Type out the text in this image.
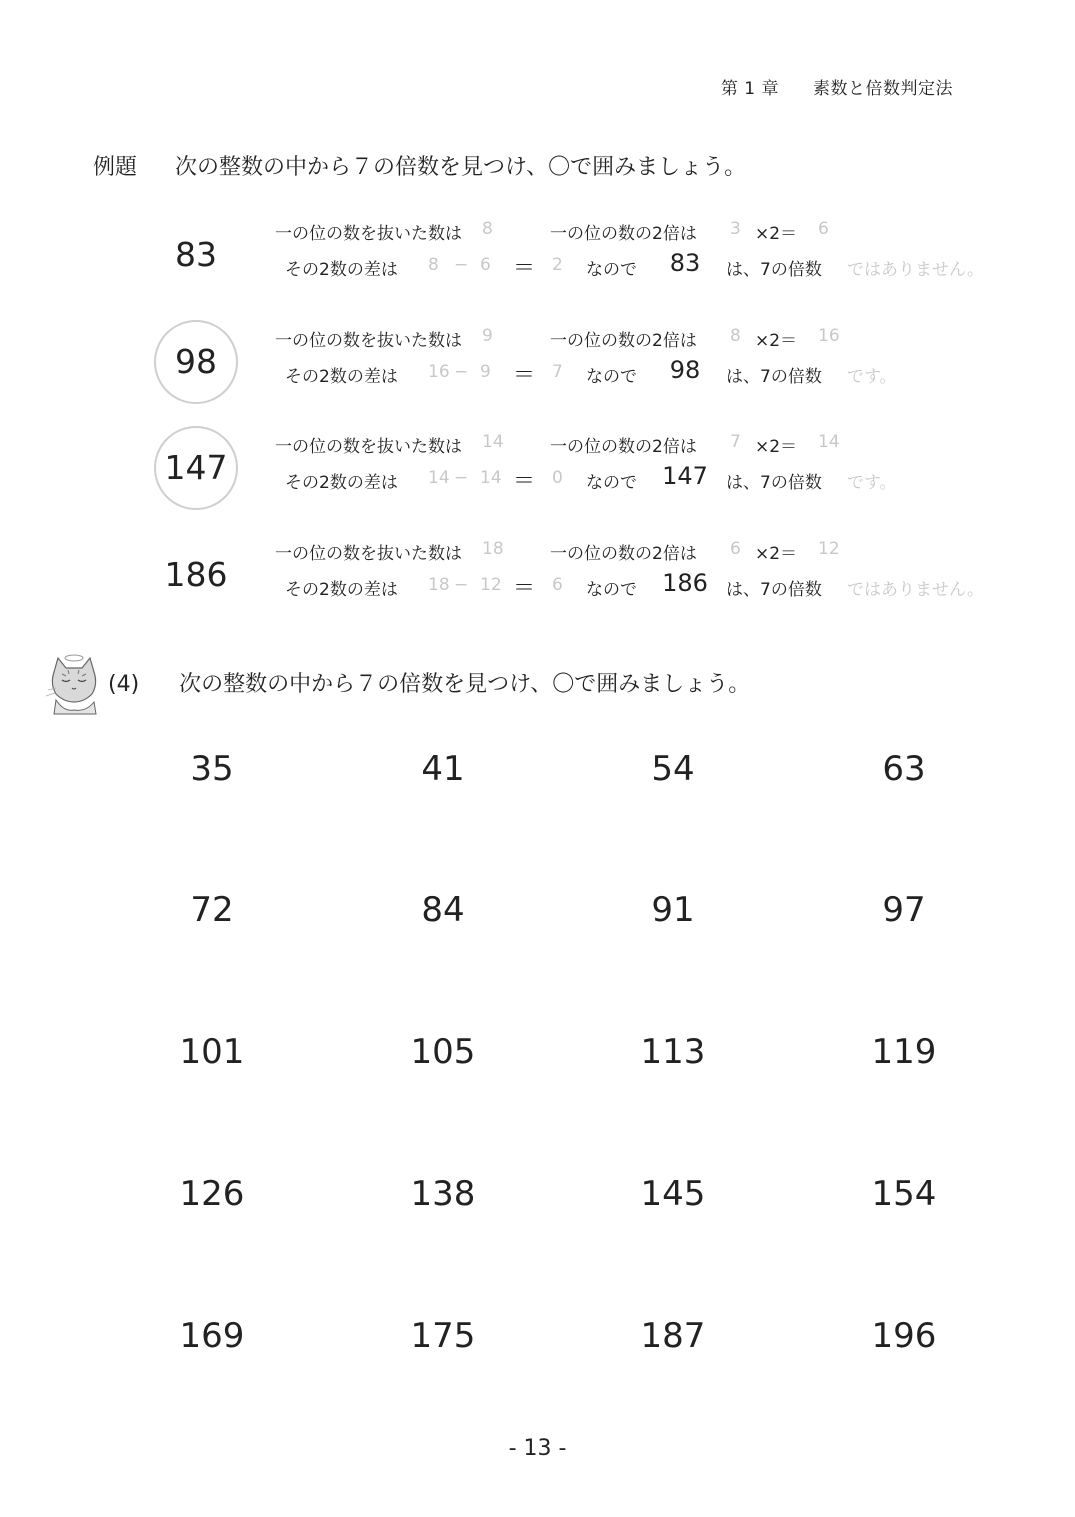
第 1 章 素数と倍数判定法
例題 次の整数の中から７の倍数を見つけ、〇で囲みましょう。
83
一の位の数を抜いた数は 8	一の位の数の2倍は 3 ×2＝ 6
その2数の差は 8 − 6 ＝ 2 なので	83	は、7の倍数 ではありません。
98
一の位の数を抜いた数は 9	一の位の数の2倍は 8 ×2＝ 16
その2数の差は 16 − 9 ＝ 7 なので	98	は、7の倍数 です。
147
一の位の数を抜いた数は 14	一の位の数の2倍は 7 ×2＝ 14
その2数の差は 14 − 14 ＝ 0 なので 147	は、7の倍数 です。
186
一の位の数を抜いた数は 18	一の位の数の2倍は 6 ×2＝ 12
その2数の差は 18 − 12 ＝ 6 なので 186	は、7の倍数 ではありません。
(4) 次の整数の中から７の倍数を見つけ、〇で囲みましょう。
35	41	54	63
72	84	91	97
101	105	113	119
126	138	145	154
169	175	187	196
- 13 -
